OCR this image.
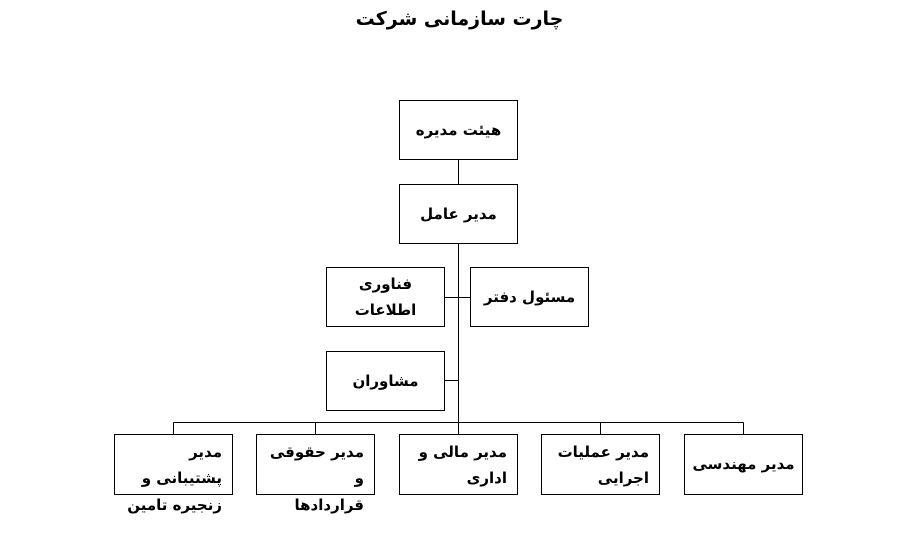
چارت سازمانی شرکت
هیئت مدیره
مدیر عامل
فناوری اطلاعات
مسئول دفتر
مشاوران
مدیر پشتیبانی و
زنجیره تامین
مدیر حقوقی و
قراردادها
مدیر مالی و
اداری
مدیر عملیات
اجرایی
مدیر مهندسی
